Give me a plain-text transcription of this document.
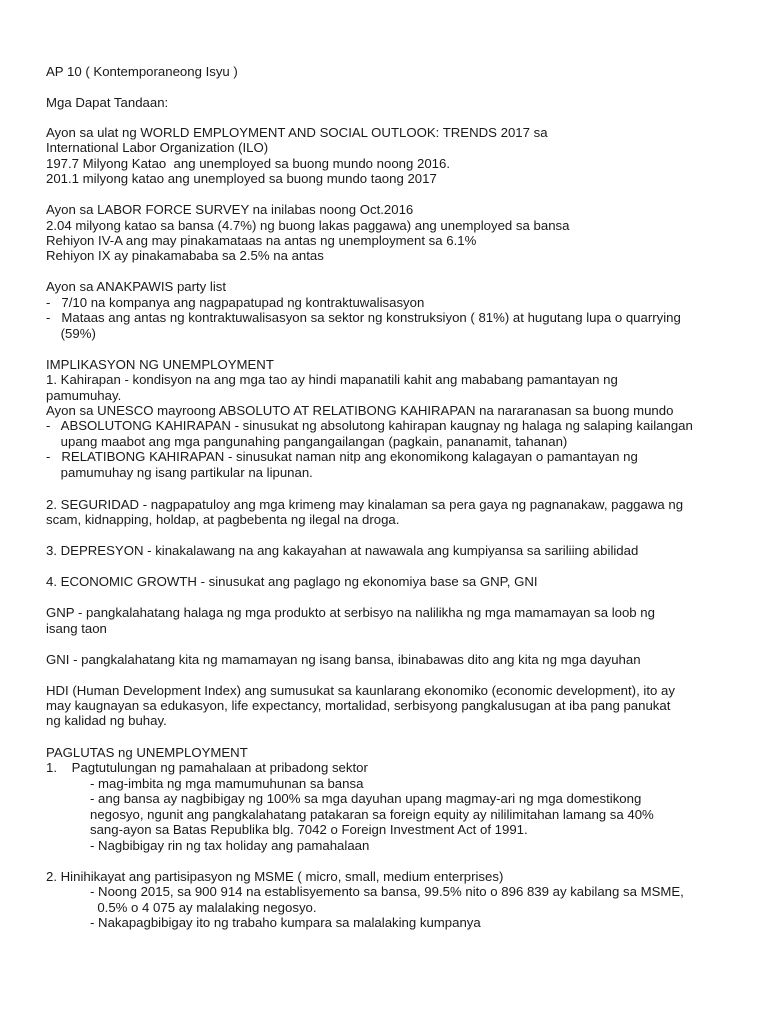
AP 10 ( Kontemporaneong Isyu )
Mga Dapat Tandaan:
Ayon sa ulat ng WORLD EMPLOYMENT AND SOCIAL OUTLOOK: TRENDS 2017 sa
International Labor Organization (ILO)
197.7 Milyong Katao  ang unemployed sa buong mundo noong 2016.
201.1 milyong katao ang unemployed sa buong mundo taong 2017
Ayon sa LABOR FORCE SURVEY na inilabas noong Oct.2016
2.04 milyong katao sa bansa (4.7%) ng buong lakas paggawa) ang unemployed sa bansa
Rehiyon IV-A ang may pinakamataas na antas ng unemployment sa 6.1%
Rehiyon IX ay pinakamababa sa 2.5% na antas
Ayon sa ANAKPAWIS party list
-   7/10 na kompanya ang nagpapatupad ng kontraktuwalisasyon
-   Mataas ang antas ng kontraktuwalisasyon sa sektor ng konstruksiyon ( 81%) at hugutang lupa o quarrying
(59%)
IMPLIKASYON NG UNEMPLOYMENT
1. Kahirapan - kondisyon na ang mga tao ay hindi mapanatili kahit ang mababang pamantayan ng
pamumuhay.
Ayon sa UNESCO mayroong ABSOLUTO AT RELATIBONG KAHIRAPAN na nararanasan sa buong mundo
-   ABSOLUTONG KAHIRAPAN - sinusukat ng absolutong kahirapan kaugnay ng halaga ng salaping kailangan
upang maabot ang mga pangunahing pangangailangan (pagkain, pananamit, tahanan)
-   RELATIBONG KAHIRAPAN - sinusukat naman nitp ang ekonomikong kalagayan o pamantayan ng
pamumuhay ng isang partikular na lipunan.
2. SEGURIDAD - nagpapatuloy ang mga krimeng may kinalaman sa pera gaya ng pagnanakaw, paggawa ng
scam, kidnapping, holdap, at pagbebenta ng ilegal na droga.
3. DEPRESYON - kinakalawang na ang kakayahan at nawawala ang kumpiyansa sa sariliing abilidad
4. ECONOMIC GROWTH - sinusukat ang paglago ng ekonomiya base sa GNP, GNI
GNP - pangkalahatang halaga ng mga produkto at serbisyo na nalilikha ng mga mamamayan sa loob ng
isang taon
GNI - pangkalahatang kita ng mamamayan ng isang bansa, ibinabawas dito ang kita ng mga dayuhan
HDI (Human Development Index) ang sumusukat sa kaunlarang ekonomiko (economic development), ito ay
may kaugnayan sa edukasyon, life expectancy, mortalidad, serbisyong pangkalusugan at iba pang panukat
ng kalidad ng buhay.
PAGLUTAS ng UNEMPLOYMENT
1.    Pagtutulungan ng pamahalaan at pribadong sektor
- mag-imbita ng mga mamumuhunan sa bansa
- ang bansa ay nagbibigay ng 100% sa mga dayuhan upang magmay-ari ng mga domestikong
negosyo, ngunit ang pangkalahatang patakaran sa foreign equity ay nililimitahan lamang sa 40%
sang-ayon sa Batas Republika blg. 7042 o Foreign Investment Act of 1991.
- Nagbibigay rin ng tax holiday ang pamahalaan
2. Hinihikayat ang partisipasyon ng MSME ( micro, small, medium enterprises)
- Noong 2015, sa 900 914 na establisyemento sa bansa, 99.5% nito o 896 839 ay kabilang sa MSME,
0.5% o 4 075 ay malalaking negosyo.
- Nakapagbibigay ito ng trabaho kumpara sa malalaking kumpanya
